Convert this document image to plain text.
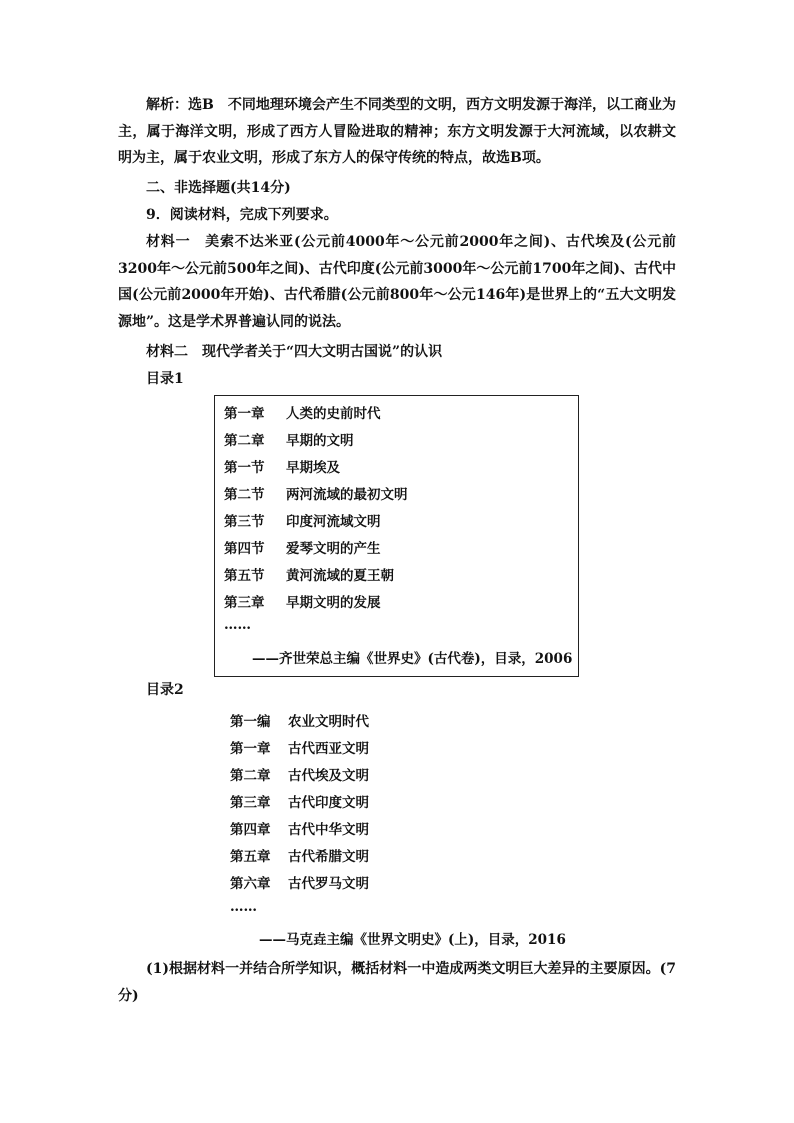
解析：选B　不同地理环境会产生不同类型的文明，西方文明发源于海洋，以工商业为主，属于海洋文明，形成了西方人冒险进取的精神；东方文明发源于大河流域，以农耕文明为主，属于农业文明，形成了东方人的保守传统的特点，故选B项。
二、非选择题(共14分)
9．阅读材料，完成下列要求。
材料一　美索不达米亚(公元前4000年～公元前2000年之间)、古代埃及(公元前3200年～公元前500年之间)、古代印度(公元前3000年～公元前1700年之间)、古代中国(公元前2000年开始)、古代希腊(公元前800年～公元146年)是世界上的“五大文明发源地”。这是学术界普遍认同的说法。
材料二　现代学者关于“四大文明古国说”的认识
目录1
第一章 人类的史前时代
第二章 早期的文明
第一节 早期埃及
第二节 两河流域的最初文明
第三节 印度河流域文明
第四节 爱琴文明的产生
第五节 黄河流域的夏王朝
第三章 早期文明的发展
……
——齐世荣总主编《世界史》(古代卷)，目录，2006
目录2
第一编 农业文明时代
第一章 古代西亚文明
第二章 古代埃及文明
第三章 古代印度文明
第四章 古代中华文明
第五章 古代希腊文明
第六章 古代罗马文明
……
——马克垚主编《世界文明史》(上)，目录，2016
(1)根据材料一并结合所学知识，概括材料一中造成两类文明巨大差异的主要原因。(7分)
